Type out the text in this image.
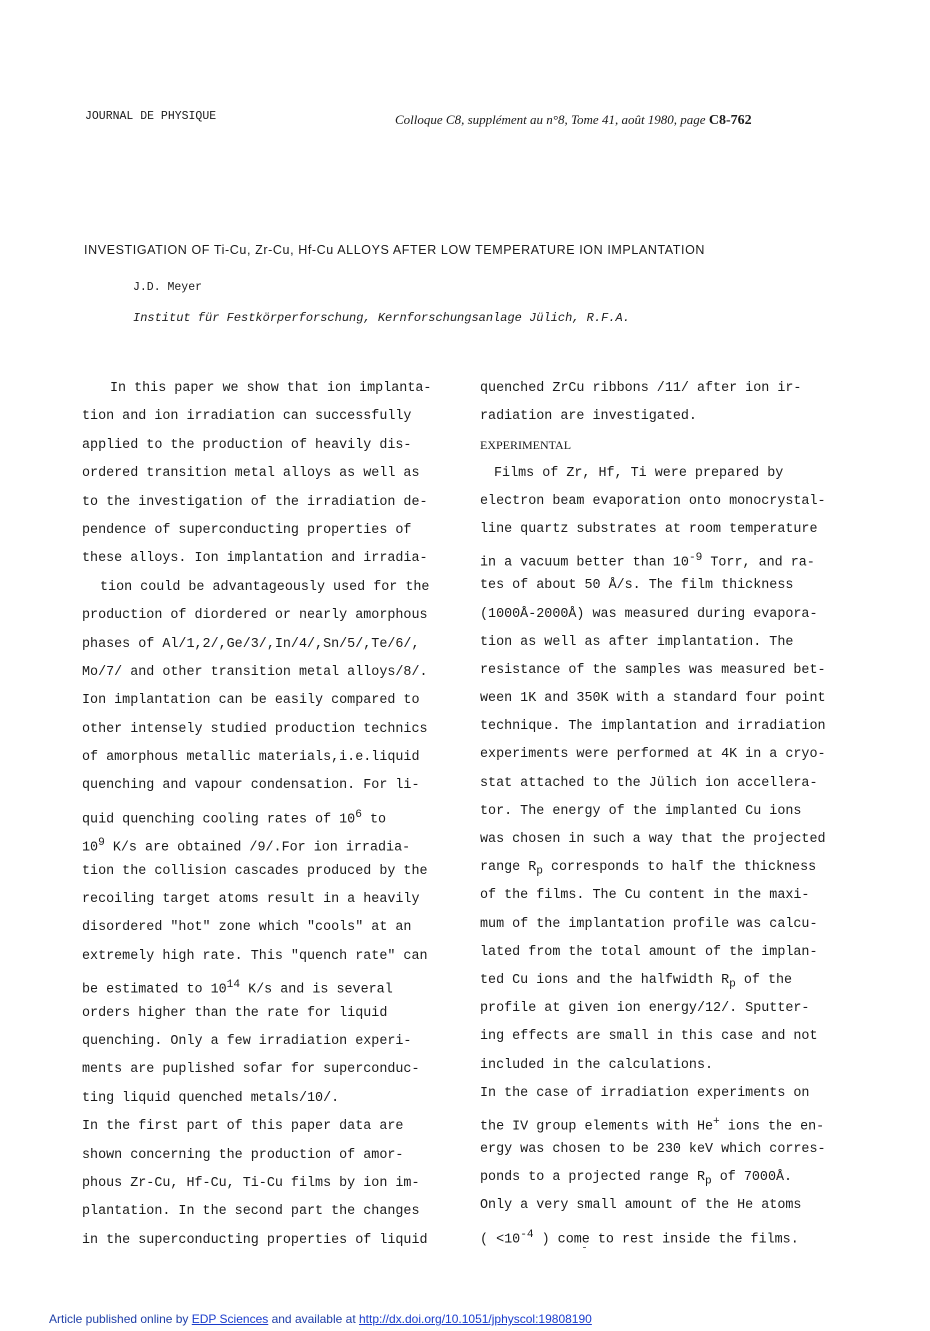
JOURNAL DE PHYSIQUE	Colloque C8, supplément au n°8, Tome 41, août 1980, page C8-762
INVESTIGATION OF Ti-Cu, Zr-Cu, Hf-Cu ALLOYS AFTER LOW TEMPERATURE ION IMPLANTATION
J.D. Meyer
Institut für Festkörperforschung, Kernforschungsanlage Jülich, R.F.A.
In this paper we show that ion implanta-
tion and ion irradiation can successfully
applied to the production of heavily dis-
ordered transition metal alloys as well as
to the investigation of the irradiation de-
pendence of superconducting properties of
these alloys. Ion implantation and irradia-
tion could be advantageously used for the
production of diordered or nearly amorphous
phases of Al/1,2/,Ge/3/,In/4/,Sn/5/,Te/6/,
Mo/7/ and other transition metal alloys/8/.
Ion implantation can be easily compared to
other intensely studied production technics
of amorphous metallic materials,i.e.liquid
quenching and vapour condensation. For li-
quid quenching cooling rates of $10^6$ to
$10^9$ K/s are obtained /9/.For ion irradia-
tion the collision cascades produced by the
recoiling target atoms result in a heavily
disordered "hot" zone which "cools" at an
extremely high rate. This "quench rate" can
be estimated to $10^{14}$ K/s and is several
orders higher than the rate for liquid
quenching. Only a few irradiation experi-
ments are puplished sofar for superconduc-
ting liquid quenched metals/10/.
In the first part of this paper data are
shown concerning the production of amor-
phous Zr-Cu, Hf-Cu, Ti-Cu films by ion im-
plantation. In the second part the changes
in the superconducting properties of liquid
quenched ZrCu ribbons /11/ after ion ir-
radiation are investigated.
EXPERIMENTAL
Films of Zr, Hf, Ti were prepared by
electron beam evaporation onto monocrystal-
line quartz substrates at room temperature
in a vacuum better than $10^{-9}$ Torr, and ra-
tes of about 50 Å/s. The film thickness
(1000Å-2000Å) was measured during evapora-
tion as well as after implantation. The
resistance of the samples was measured bet-
ween 1K and 350K with a standard four point
technique. The implantation and irradiation
experiments were performed at 4K in a cryo-
stat attached to the Jülich ion accellera-
tor. The energy of the implanted Cu ions
was chosen in such a way that the projected
range $R_p$ corresponds to half the thickness
of the films. The Cu content in the maxi-
mum of the implantation profile was calcu-
lated from the total amount of the implan-
ted Cu ions and the halfwidth $R_p$ of the
profile at given ion energy/12/. Sputter-
ing effects are small in this case and not
included in the calculations.
In the case of irradiation experiments on
the IV group elements with He+ ions the en-
ergy was chosen to be 230 keV which corres-
ponds to a projected range $R_p$ of 7000Å.
Only a very small amount of the He atoms
( $<10^{-4}$ ) come to rest inside the films.
Article published online by EDP Sciences and available at http://dx.doi.org/10.1051/jphyscol:19808190
